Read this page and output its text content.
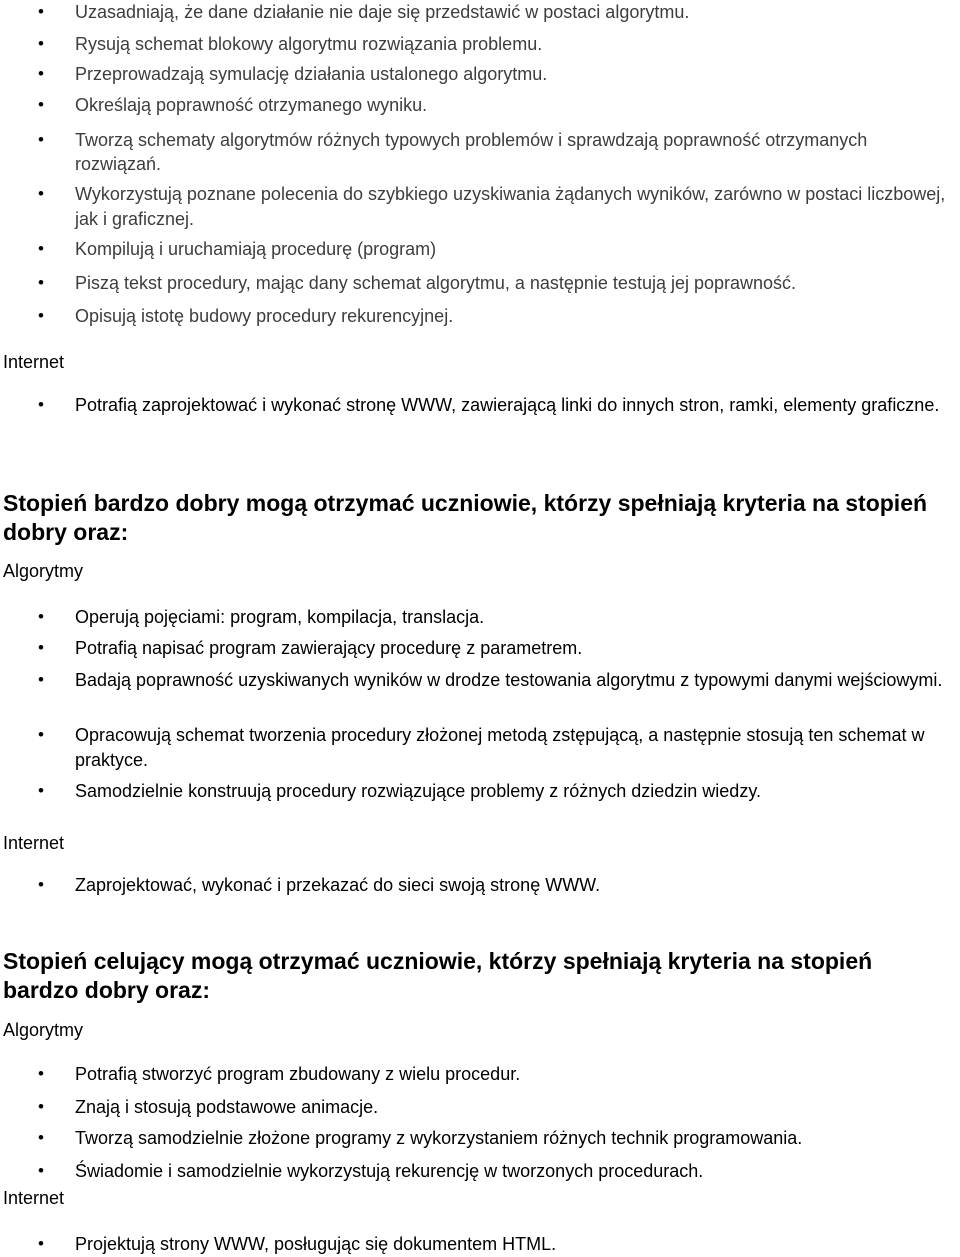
• Uzasadniają, że dane działanie nie daje się przedstawić w postaci algorytmu.
• Rysują schemat blokowy algorytmu rozwiązania problemu.
• Przeprowadzają symulację działania ustalonego algorytmu.
• Określają poprawność otrzymanego wyniku.
• Tworzą schematy algorytmów różnych typowych problemów i sprawdzają poprawność otrzymanych rozwiązań.
• Wykorzystują poznane polecenia do szybkiego uzyskiwania żądanych wyników, zarówno w postaci liczbowej, jak i graficznej.
• Kompilują i uruchamiają procedurę (program)
• Piszą tekst procedury, mając dany schemat algorytmu, a następnie testują jej poprawność.
• Opisują istotę budowy procedury rekurencyjnej.
Internet
• Potrafią zaprojektować i wykonać stronę WWW, zawierającą linki do innych stron, ramki, elementy graficzne.
Stopień bardzo dobry mogą otrzymać uczniowie, którzy spełniają kryteria na stopień dobry oraz:
Algorytmy
• Operują pojęciami: program, kompilacja, translacja.
• Potrafią napisać program zawierający procedurę z parametrem.
• Badają poprawność uzyskiwanych wyników w drodze testowania algorytmu z typowymi danymi wejściowymi.
• Opracowują schemat tworzenia procedury złożonej metodą zstępującą, a następnie stosują ten schemat w praktyce.
• Samodzielnie konstruują procedury rozwiązujące problemy z różnych dziedzin wiedzy.
Internet
• Zaprojektować, wykonać i przekazać do sieci swoją stronę WWW.
Stopień celujący mogą otrzymać uczniowie, którzy spełniają kryteria na stopień bardzo dobry oraz:
Algorytmy
• Potrafią stworzyć program zbudowany z wielu procedur.
• Znają i stosują podstawowe animacje.
• Tworzą samodzielnie złożone programy z wykorzystaniem różnych technik programowania.
• Świadomie i samodzielnie wykorzystują rekurencję w tworzonych procedurach.
Internet
• Projektują strony WWW, posługując się dokumentem HTML.
